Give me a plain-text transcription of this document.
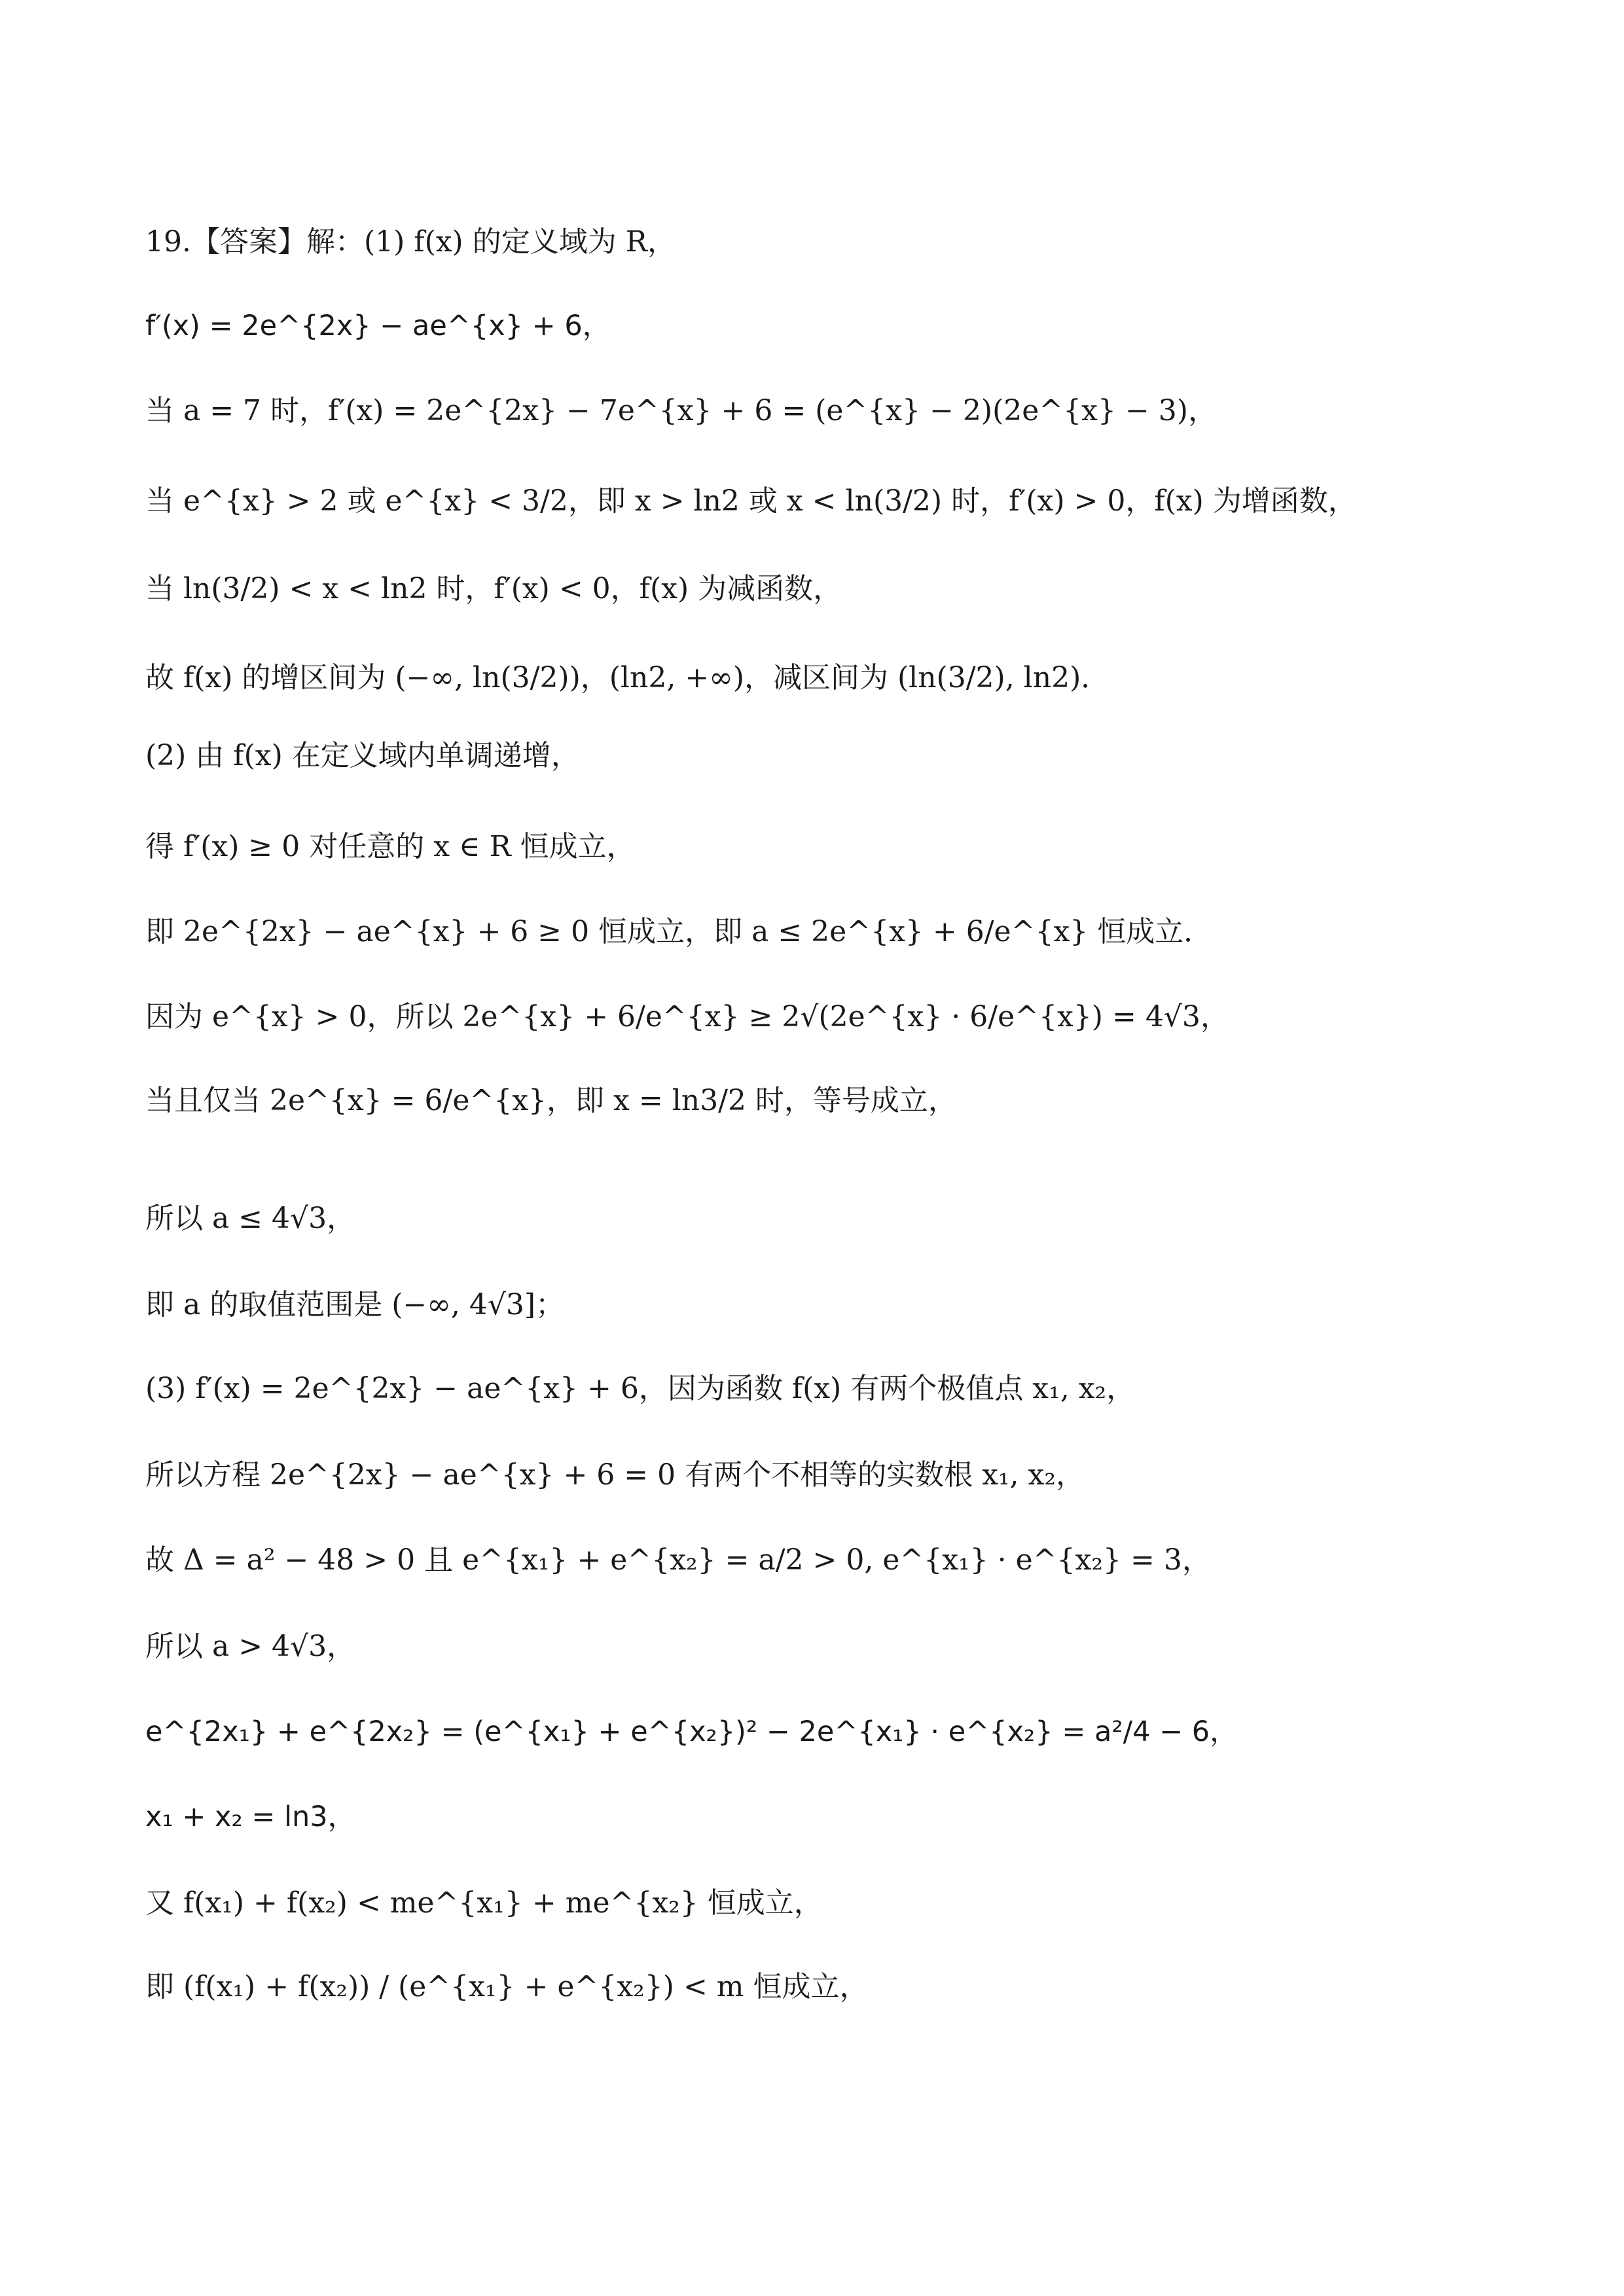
19.【答案】解：(1) f(x) 的定义域为 R，
f′(x) = 2e^{2x} − ae^{x} + 6，
当 a = 7 时，f′(x) = 2e^{2x} − 7e^{x} + 6 = (e^{x} − 2)(2e^{x} − 3)，
当 e^{x} > 2 或 e^{x} < 3/2，即 x > ln2 或 x < ln(3/2) 时，f′(x) > 0，f(x) 为增函数，
当 ln(3/2) < x < ln2 时，f′(x) < 0，f(x) 为减函数，
故 f(x) 的增区间为 (−∞, ln(3/2))，(ln2, +∞)，减区间为 (ln(3/2), ln2)．
(2) 由 f(x) 在定义域内单调递增，
得 f′(x) ≥ 0 对任意的 x ∈ R 恒成立，
即 2e^{2x} − ae^{x} + 6 ≥ 0 恒成立，即 a ≤ 2e^{x} + 6/e^{x} 恒成立．
因为 e^{x} > 0，所以 2e^{x} + 6/e^{x} ≥ 2√(2e^{x} · 6/e^{x}) = 4√3，
当且仅当 2e^{x} = 6/e^{x}，即 x = ln3/2 时，等号成立，
所以 a ≤ 4√3，
即 a 的取值范围是 (−∞, 4√3]；
(3) f′(x) = 2e^{2x} − ae^{x} + 6，因为函数 f(x) 有两个极值点 x₁, x₂，
所以方程 2e^{2x} − ae^{x} + 6 = 0 有两个不相等的实数根 x₁, x₂，
故 Δ = a² − 48 > 0 且 e^{x₁} + e^{x₂} = a/2 > 0, e^{x₁} · e^{x₂} = 3，
所以 a > 4√3，
e^{2x₁} + e^{2x₂} = (e^{x₁} + e^{x₂})² − 2e^{x₁} · e^{x₂} = a²/4 − 6，
x₁ + x₂ = ln3，
又 f(x₁) + f(x₂) < me^{x₁} + me^{x₂} 恒成立，
即 (f(x₁) + f(x₂)) / (e^{x₁} + e^{x₂}) < m 恒成立，
